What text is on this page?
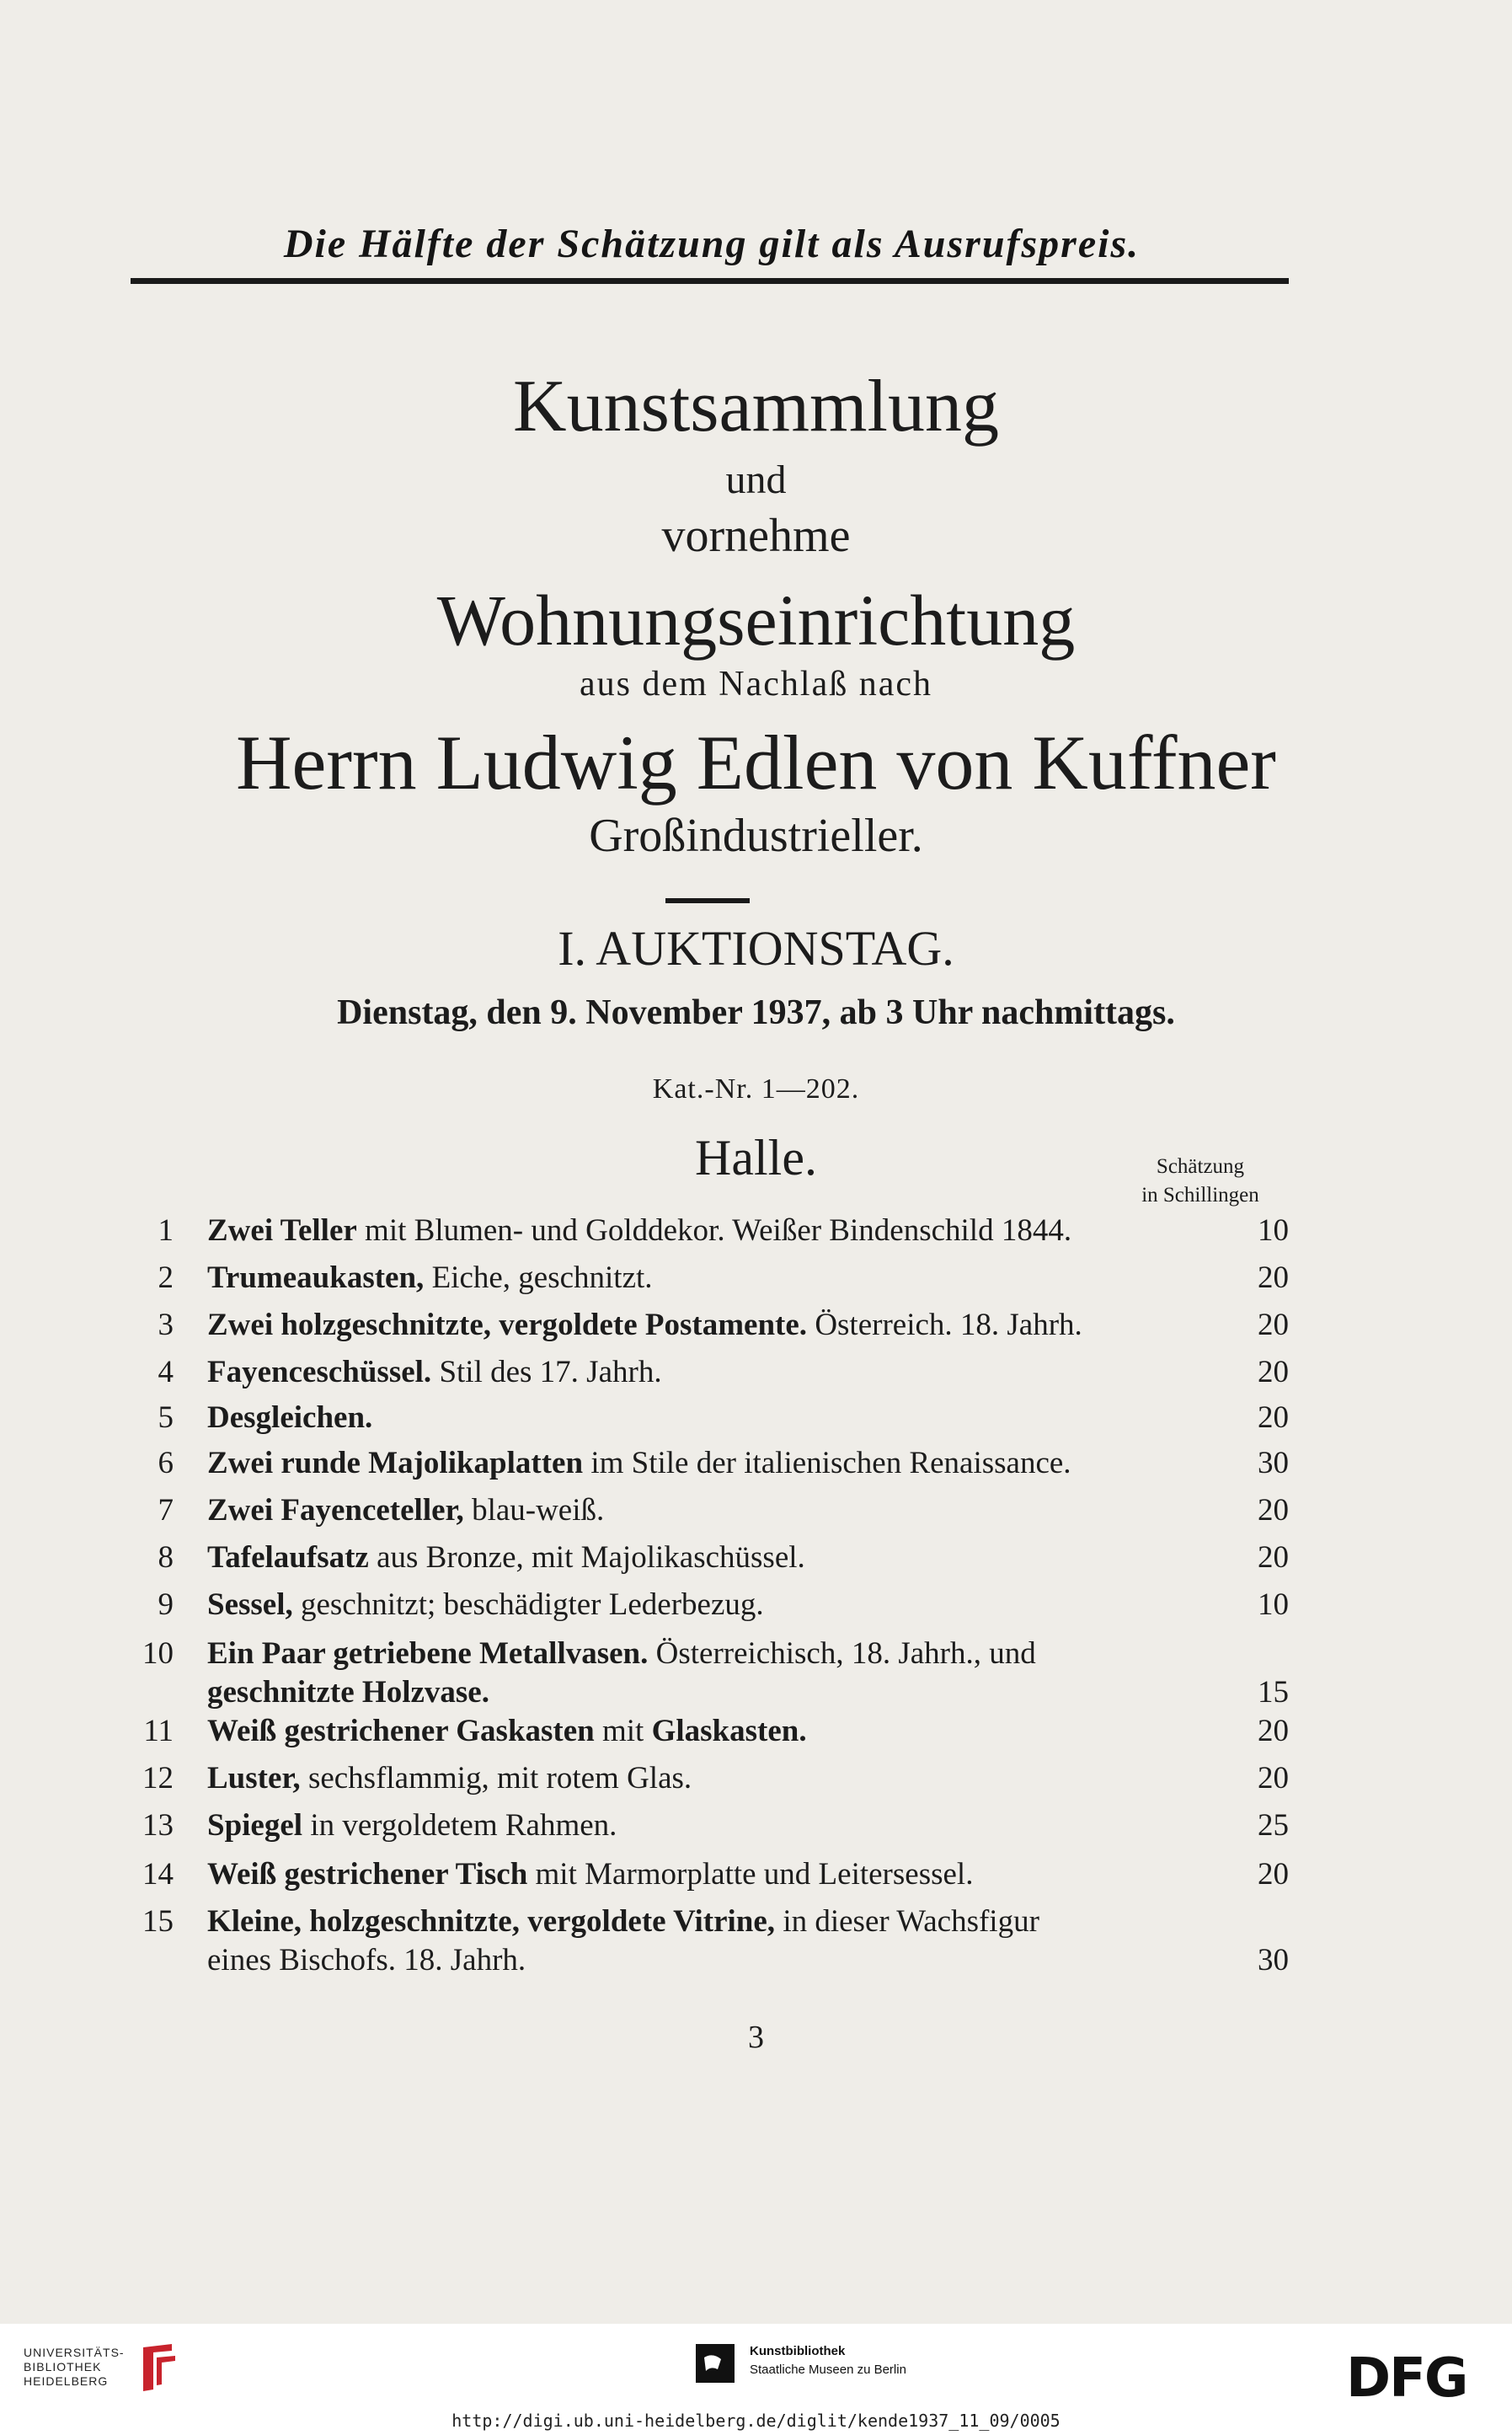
Die Hälfte der Schätzung gilt als Ausrufspreis.
Kunstsammlung
und
vornehme
Wohnungseinrichtung
aus dem Nachlaß nach
Herrn Ludwig Edlen von Kuffner
Großindustrieller.
I. AUKTIONSTAG.
Dienstag, den 9. November 1937, ab 3 Uhr nachmittags.
Kat.-Nr. 1—202.
Halle.	Schätzung
in Schillingen
1 Zwei Teller mit Blumen- und Golddekor. Weißer Bindenschild 1844.	10
2 Trumeaukasten, Eiche, geschnitzt.	20
3 Zwei holzgeschnitzte, vergoldete Postamente. Österreich. 18. Jahrh.	20
4 Fayenceschüssel. Stil des 17. Jahrh.	20
5 Desgleichen.	20
6 Zwei runde Majolikaplatten im Stile der italienischen Renaissance.	30
7 Zwei Fayenceteller, blau-weiß.	20
8 Tafelaufsatz aus Bronze, mit Majolikaschüssel.	20
9 Sessel, geschnitzt; beschädigter Lederbezug.	10
10 Ein Paar getriebene Metallvasen. Österreichisch, 18. Jahrh., und
geschnitzte Holzvase.	15
11 Weiß gestrichener Gaskasten mit Glaskasten.	20
12 Luster, sechsflammig, mit rotem Glas.	20
13 Spiegel in vergoldetem Rahmen.	25
14 Weiß gestrichener Tisch mit Marmorplatte und Leitersessel.	20
15 Kleine, holzgeschnitzte, vergoldete Vitrine, in dieser Wachsfigur
eines Bischofs. 18. Jahrh.	30
3
UNIVERSITÄTS-
BIBLIOTHEK
HEIDELBERG
Kunstbibliothek
Staatliche Museen zu Berlin	DFG
http://digi.ub.uni-heidelberg.de/diglit/kende1937_11_09/0005
